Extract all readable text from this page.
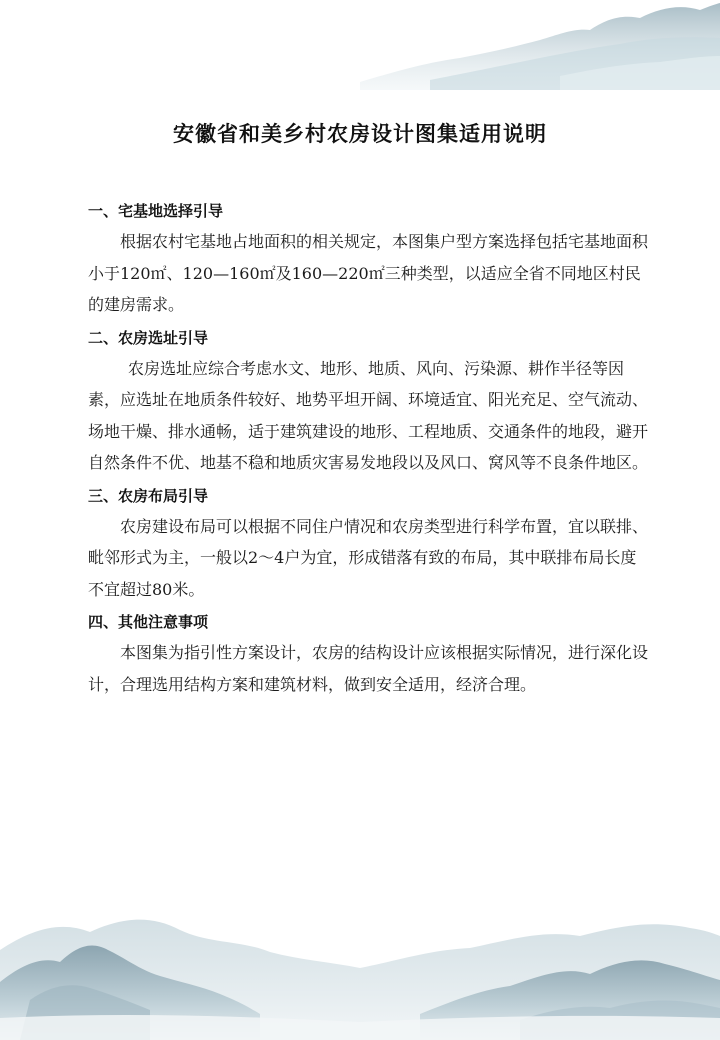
安徽省和美乡村农房设计图集适用说明
一、宅基地选择引导

根据农村宅基地占地面积的相关规定，本图集户型方案选择包括宅基地面积小于120㎡、120—160㎡及160—220㎡三种类型，以适应全省不同地区村民的建房需求。

二、农房选址引导

农房选址应综合考虑水文、地形、地质、风向、污染源、耕作半径等因素，应选址在地质条件较好、地势平坦开阔、环境适宜、阳光充足、空气流动、场地干燥、排水通畅，适于建筑建设的地形、工程地质、交通条件的地段，避开自然条件不优、地基不稳和地质灾害易发地段以及风口、窝风等不良条件地区。

三、农房布局引导

农房建设布局可以根据不同住户情况和农房类型进行科学布置，宜以联排、毗邻形式为主，一般以2～4户为宜，形成错落有致的布局，其中联排布局长度不宜超过80米。

四、其他注意事项

本图集为指引性方案设计，农房的结构设计应该根据实际情况，进行深化设计，合理选用结构方案和建筑材料，做到安全适用，经济合理。
